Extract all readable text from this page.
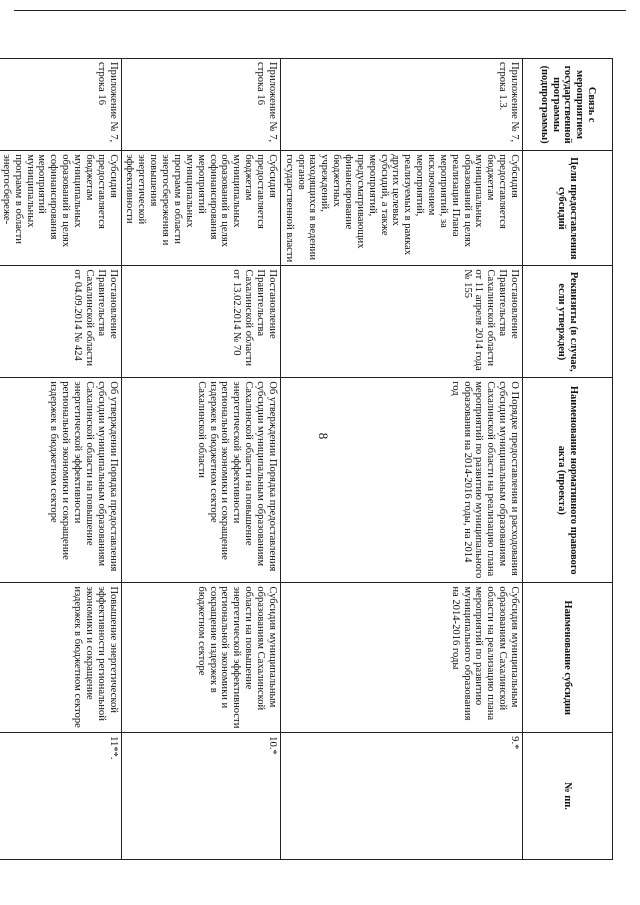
8
Связь с мероприятием государственной программы (подпрограммы)	Цели предоставления субсидий	Реквизиты (в случае, если утвержден)	Наименование нормативного правового акта (проекта)	Наименование субсидии	№ пп.
Приложение № 7, строка 1.3.	Субсидия предоставляется бюджетам муниципальных образований в целях реализации Плана мероприятий, за исключением мероприятий, реализуемых в рамках других целевых субсидий, а также мероприятий, предусматривающих финансирование бюджетных учреждений, находящихся в ведении органов государственной власти	Постановление Правительства Сахалинской области от 11 апреля 2014 года № 155	О Порядке предоставления и расходования субсидии муниципальным образованиям Сахалинской области на реализацию плана мероприятий по развитию муниципального образования на 2014-2016 годы, на 2014 год	Субсидия муниципальным образованиям Сахалинской области на реализацию плана мероприятий по развитию муниципального образования на 2014-2016 годы	9.*
Приложение № 7, строка 16	Субсидия предоставляется бюджетам муниципальных образований в целях софинансирования мероприятий муниципальных программ в области энергосбережения и повышения энергетической эффективности	Постановление Правительства Сахалинской области от 13.02.2014 № 70	Об утверждении Порядка предоставления субсидии муниципальным образованиям Сахалинской области на повышение энергетической эффективности региональной экономики и сокращение издержек в бюджетном секторе Сахалинской области	Субсидия муниципальным образованиям Сахалинской области на повышение энергетической эффективности региональной экономики и сокращение издержек в бюджетном секторе	10.*
Приложение № 7, строка 16	Субсидия предоставляется бюджетам муниципальных образований в целях софинансирования мероприятий муниципальных программ в области энергосбереже-	Постановление Правительства Сахалинской области от 04.09.2014 № 424	Об утверждении Порядка предоставления субсидии муниципальным образованиям Сахалинской области на повышение энергетической эффективности региональной экономики и сокращение издержек в бюджетном секторе	Повышение энергетической эффективности региональной экономики и сокращение издержек в бюджетном секторе	11**.
